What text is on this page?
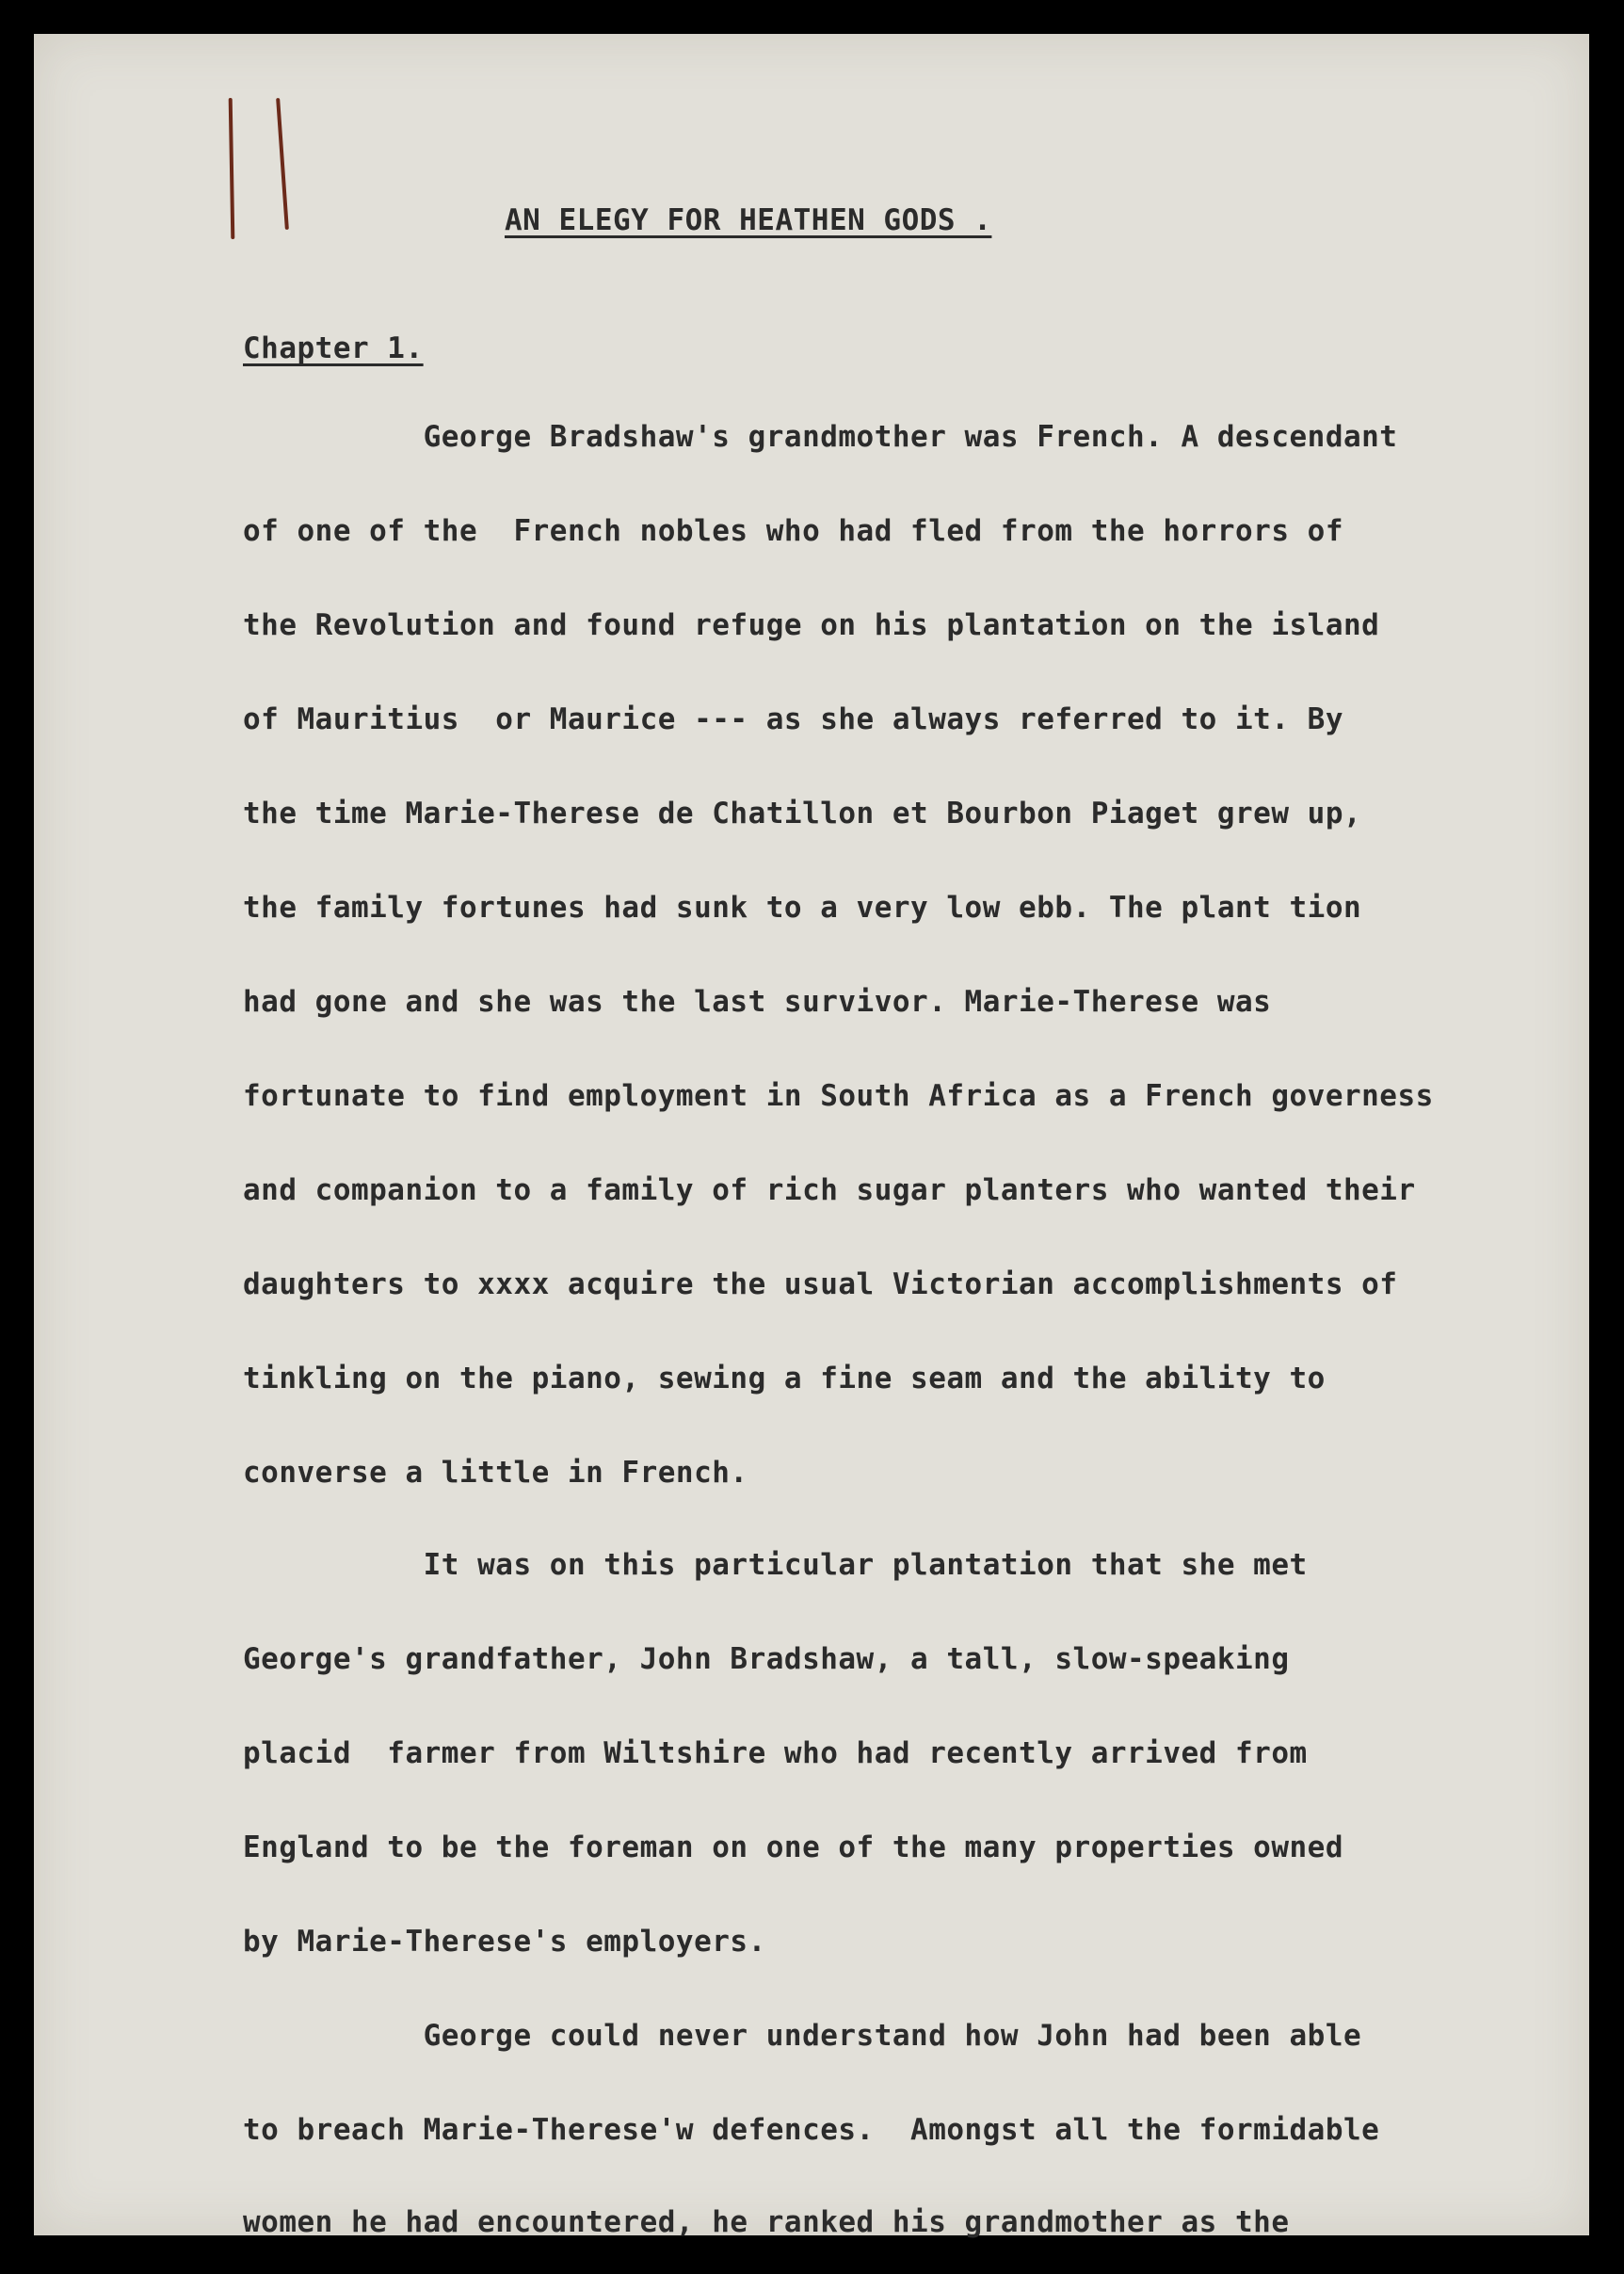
AN ELEGY FOR HEATHEN GODS .

Chapter 1.

George Bradshaw's grandmother was French. A descendant

of one of the  French nobles who had fled from the horrors of

the Revolution and found refuge on his plantation on the island

of Mauritius  or Maurice --- as she always referred to it. By

the time Marie-Therese de Chatillon et Bourbon Piaget grew up,

the family fortunes had sunk to a very low ebb. The plant tion

had gone and she was the last survivor. Marie-Therese was

fortunate to find employment in South Africa as a French governess

and companion to a family of rich sugar planters who wanted their

daughters to xxxx acquire the usual Victorian accomplishments of

tinkling on the piano, sewing a fine seam and the ability to

converse a little in French.

It was on this particular plantation that she met

George's grandfather, John Bradshaw, a tall, slow-speaking

placid  farmer from Wiltshire who had recently arrived from

England to be the foreman on one of the many properties owned

by Marie-Therese's employers.

George could never understand how John had been able

to breach Marie-Therese'w defences.  Amongst all the formidable

women he had encountered, he ranked his grandmother as the
